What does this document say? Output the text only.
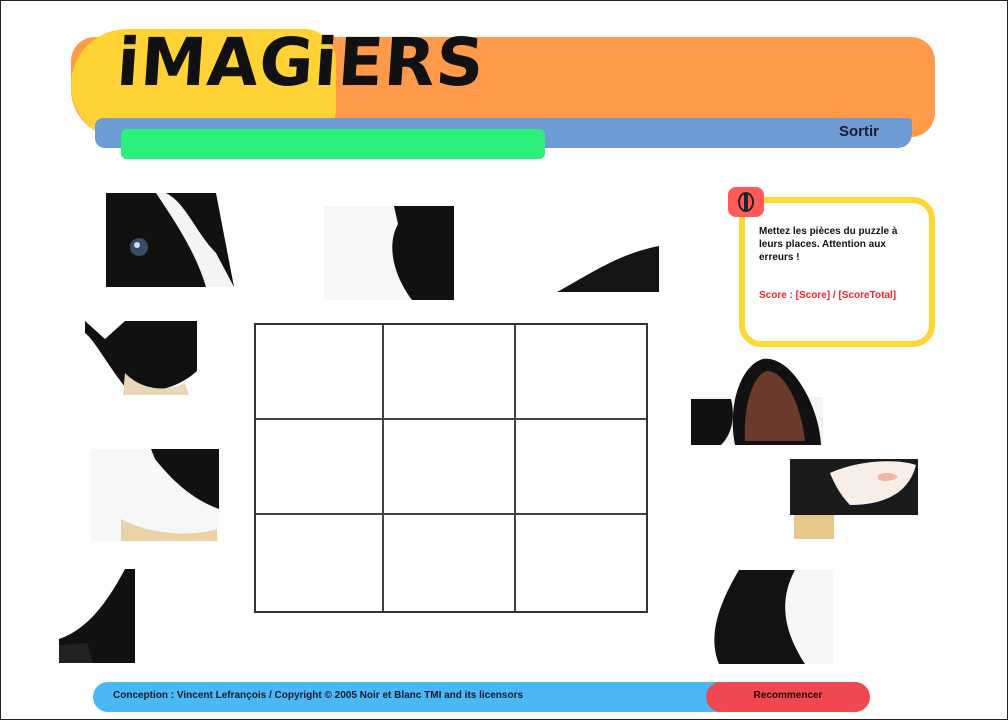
iMAGiERS
Sortir
Mettez les pièces du puzzle à leurs places. Attention aux erreurs !
Score : [Score] / [ScoreTotal]
Conception : Vincent Lefrançois / Copyright © 2005 Noir et Blanc TMI and its licensors	Recommencer
